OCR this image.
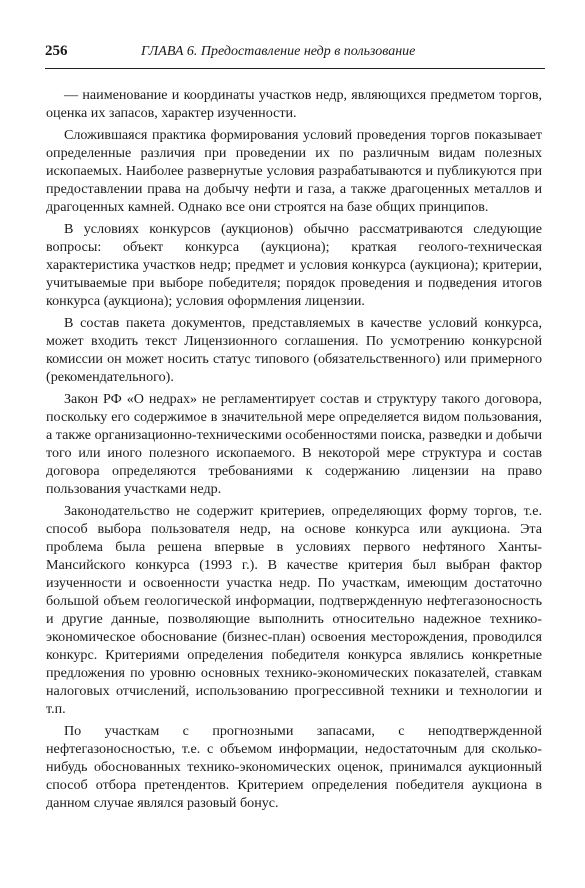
256	ГЛАВА 6. Предоставление недр в пользование

— наименование и координаты участков недр, являющихся предметом торгов, оценка их запасов, характер изученности.

Сложившаяся практика формирования условий проведения торгов показывает определенные различия при проведении их по различным видам полезных ископаемых. Наиболее развернутые условия разрабатываются и публикуются при предоставлении права на добычу нефти и газа, а также драгоценных металлов и драгоценных камней. Однако все они строятся на базе общих принципов.

В условиях конкурсов (аукционов) обычно рассматриваются следующие вопросы: объект конкурса (аукциона); краткая геолого-техническая характеристика участков недр; предмет и условия конкурса (аукциона); критерии, учитываемые при выборе победителя; порядок проведения и подведения итогов конкурса (аукциона); условия оформления лицензии.

В состав пакета документов, представляемых в качестве условий конкурса, может входить текст Лицензионного соглашения. По усмотрению конкурсной комиссии он может носить статус типового (обязательственного) или примерного (рекомендательного).

Закон РФ «О недрах» не регламентирует состав и структуру такого договора, поскольку его содержимое в значительной мере определяется видом пользования, а также организационно-техническими особенностями поиска, разведки и добычи того или иного полезного ископаемого. В некоторой мере структура и состав договора определяются требованиями к содержанию лицензии на право пользования участками недр.

Законодательство не содержит критериев, определяющих форму торгов, т.е. способ выбора пользователя недр, на основе конкурса или аукциона. Эта проблема была решена впервые в условиях первого нефтяного Ханты-Мансийского конкурса (1993 г.). В качестве критерия был выбран фактор изученности и освоенности участка недр. По участкам, имеющим достаточно большой объем геологической информации, подтвержденную нефтегазоносность и другие данные, позволяющие выполнить относительно надежное технико-экономическое обоснование (бизнес-план) освоения месторождения, проводился конкурс. Критериями определения победителя конкурса являлись конкретные предложения по уровню основных технико-экономических показателей, ставкам налоговых отчислений, использованию прогрессивной техники и технологии и т.п.

По участкам с прогнозными запасами, с неподтвержденной нефтегазоносностью, т.е. с объемом информации, недостаточным для сколько-нибудь обоснованных технико-экономических оценок, принимался аукционный способ отбора претендентов. Критерием определения победителя аукциона в данном случае являлся разовый бонус.
